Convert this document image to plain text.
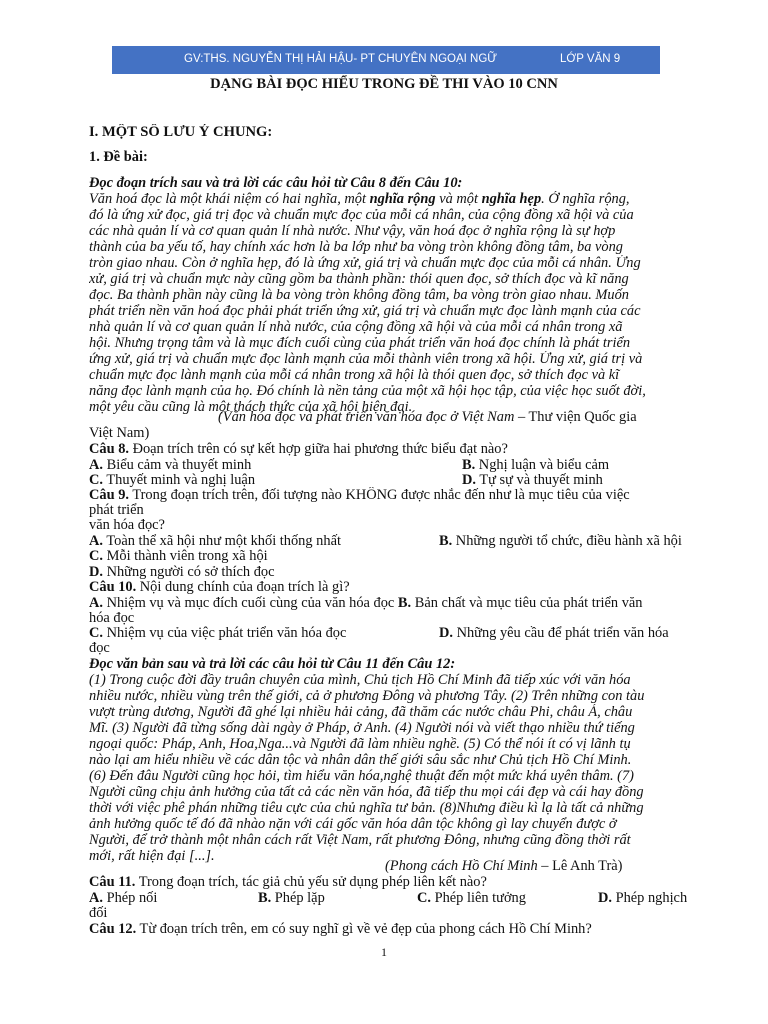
GV:THS. NGUYỄN THỊ HẢI HẬU- PT CHUYÊN NGOẠI NGỮ	LỚP VĂN 9
DẠNG BÀI ĐỌC HIỂU TRONG ĐỀ THI VÀO 10 CNN
I. MỘT SỐ LƯU Ý CHUNG:
1. Đề bài:
Đọc đoạn trích sau và trả lời các câu hỏi từ Câu 8 đến Câu 10:
Văn hoá đọc là một khái niệm có hai nghĩa, một nghĩa rộng và một nghĩa hẹp. Ở nghĩa rộng,
đó là ứng xử đọc, giá trị đọc và chuẩn mực đọc của mỗi cá nhân, của cộng đồng xã hội và của
các nhà quản lí và cơ quan quản lí nhà nước. Như vậy, văn hoá đọc ở nghĩa rộng là sự hợp
thành của ba yếu tố, hay chính xác hơn là ba lớp như ba vòng tròn không đồng tâm, ba vòng
tròn giao nhau. Còn ở nghĩa hẹp, đó là ứng xử, giá trị và chuẩn mực đọc của mỗi cá nhân. Ứng
xử, giá trị và chuẩn mực này cũng gồm ba thành phần: thói quen đọc, sở thích đọc và kĩ năng
đọc. Ba thành phần này cũng là ba vòng tròn không đồng tâm, ba vòng tròn giao nhau. Muốn
phát triển nền văn hoá đọc phải phát triển ứng xử, giá trị và chuẩn mực đọc lành mạnh của các
nhà quản lí và cơ quan quản lí nhà nước, của cộng đồng xã hội và của mỗi cá nhân trong xã
hội. Nhưng trọng tâm và là mục đích cuối cùng của phát triển văn hoá đọc chính là phát triển
ứng xử, giá trị và chuẩn mực đọc lành mạnh của mỗi thành viên trong xã hội. Ứng xử, giá trị và
chuẩn mực đọc lành mạnh của mỗi cá nhân trong xã hội là thói quen đọc, sở thích đọc và kĩ
năng đọc lành mạnh của họ. Đó chính là nền tảng của một xã hội học tập, của việc học suốt đời,
một yêu cầu cũng là một thách thức của xã hội hiện đại.
(Văn hóa đọc và phát triển văn hóa đọc ở Việt Nam – Thư viện Quốc gia
Việt Nam)
Câu 8. Đoạn trích trên có sự kết hợp giữa hai phương thức biểu đạt nào?
A. Biểu cảm và thuyết minh	B. Nghị luận và biểu cảm
C. Thuyết minh và nghị luận	D. Tự sự và thuyết minh
Câu 9. Trong đoạn trích trên, đối tượng nào KHÔNG được nhắc đến như là mục tiêu của việc
phát triển
văn hóa đọc?
A. Toàn thể xã hội như một khối thống nhất	B. Những người tổ chức, điều hành xã hội
C. Mỗi thành viên trong xã hội
D. Những người có sở thích đọc
Câu 10. Nội dung chính của đoạn trích là gì?
A. Nhiệm vụ và mục đích cuối cùng của văn hóa đọc B. Bản chất và mục tiêu của phát triển văn
hóa đọc
C. Nhiệm vụ của việc phát triển văn hóa đọc	D. Những yêu cầu để phát triển văn hóa
đọc
Đọc văn bản sau và trả lời các câu hỏi từ Câu 11 đến Câu 12:
(1) Trong cuộc đời đầy truân chuyên của mình, Chủ tịch Hồ Chí Minh đã tiếp xúc với văn hóa
nhiều nước, nhiều vùng trên thế giới, cả ở phương Đông và phương Tây. (2) Trên những con tàu
vượt trùng dương, Người đã ghé lại nhiều hải cảng, đã thăm các nước châu Phi, châu Á, châu
Mĩ. (3) Người đã từng sống dài ngày ở Pháp, ở Anh. (4) Người nói và viết thạo nhiều thứ tiếng
ngoại quốc: Pháp, Anh, Hoa,Nga...và Người đã làm nhiều nghề. (5) Có thể nói ít có vị lãnh tụ
nào lại am hiểu nhiều về các dân tộc và nhân dân thế giới sâu sắc như Chủ tịch Hồ Chí Minh.
(6) Đến đâu Người cũng học hỏi, tìm hiểu văn hóa,nghệ thuật đến một mức khá uyên thâm. (7)
Người cũng chịu ảnh hưởng của tất cả các nền văn hóa, đã tiếp thu mọi cái đẹp và cái hay đồng
thời với việc phê phán những tiêu cực của chủ nghĩa tư bản. (8)Nhưng điều kì lạ là tất cả những
ảnh hưởng quốc tế đó đã nhào nặn với cái gốc văn hóa dân tộc không gì lay chuyển được ở
Người, để trở thành một nhân cách rất Việt Nam, rất phương Đông, nhưng cũng đồng thời rất
mới, rất hiện đại [...].
(Phong cách Hồ Chí Minh – Lê Anh Trà)
Câu 11. Trong đoạn trích, tác giả chủ yếu sử dụng phép liên kết nào?
A. Phép nối	B. Phép lặp	C. Phép liên tưởng	D. Phép nghịch
đối
Câu 12. Từ đoạn trích trên, em có suy nghĩ gì về vẻ đẹp của phong cách Hồ Chí Minh?
1
